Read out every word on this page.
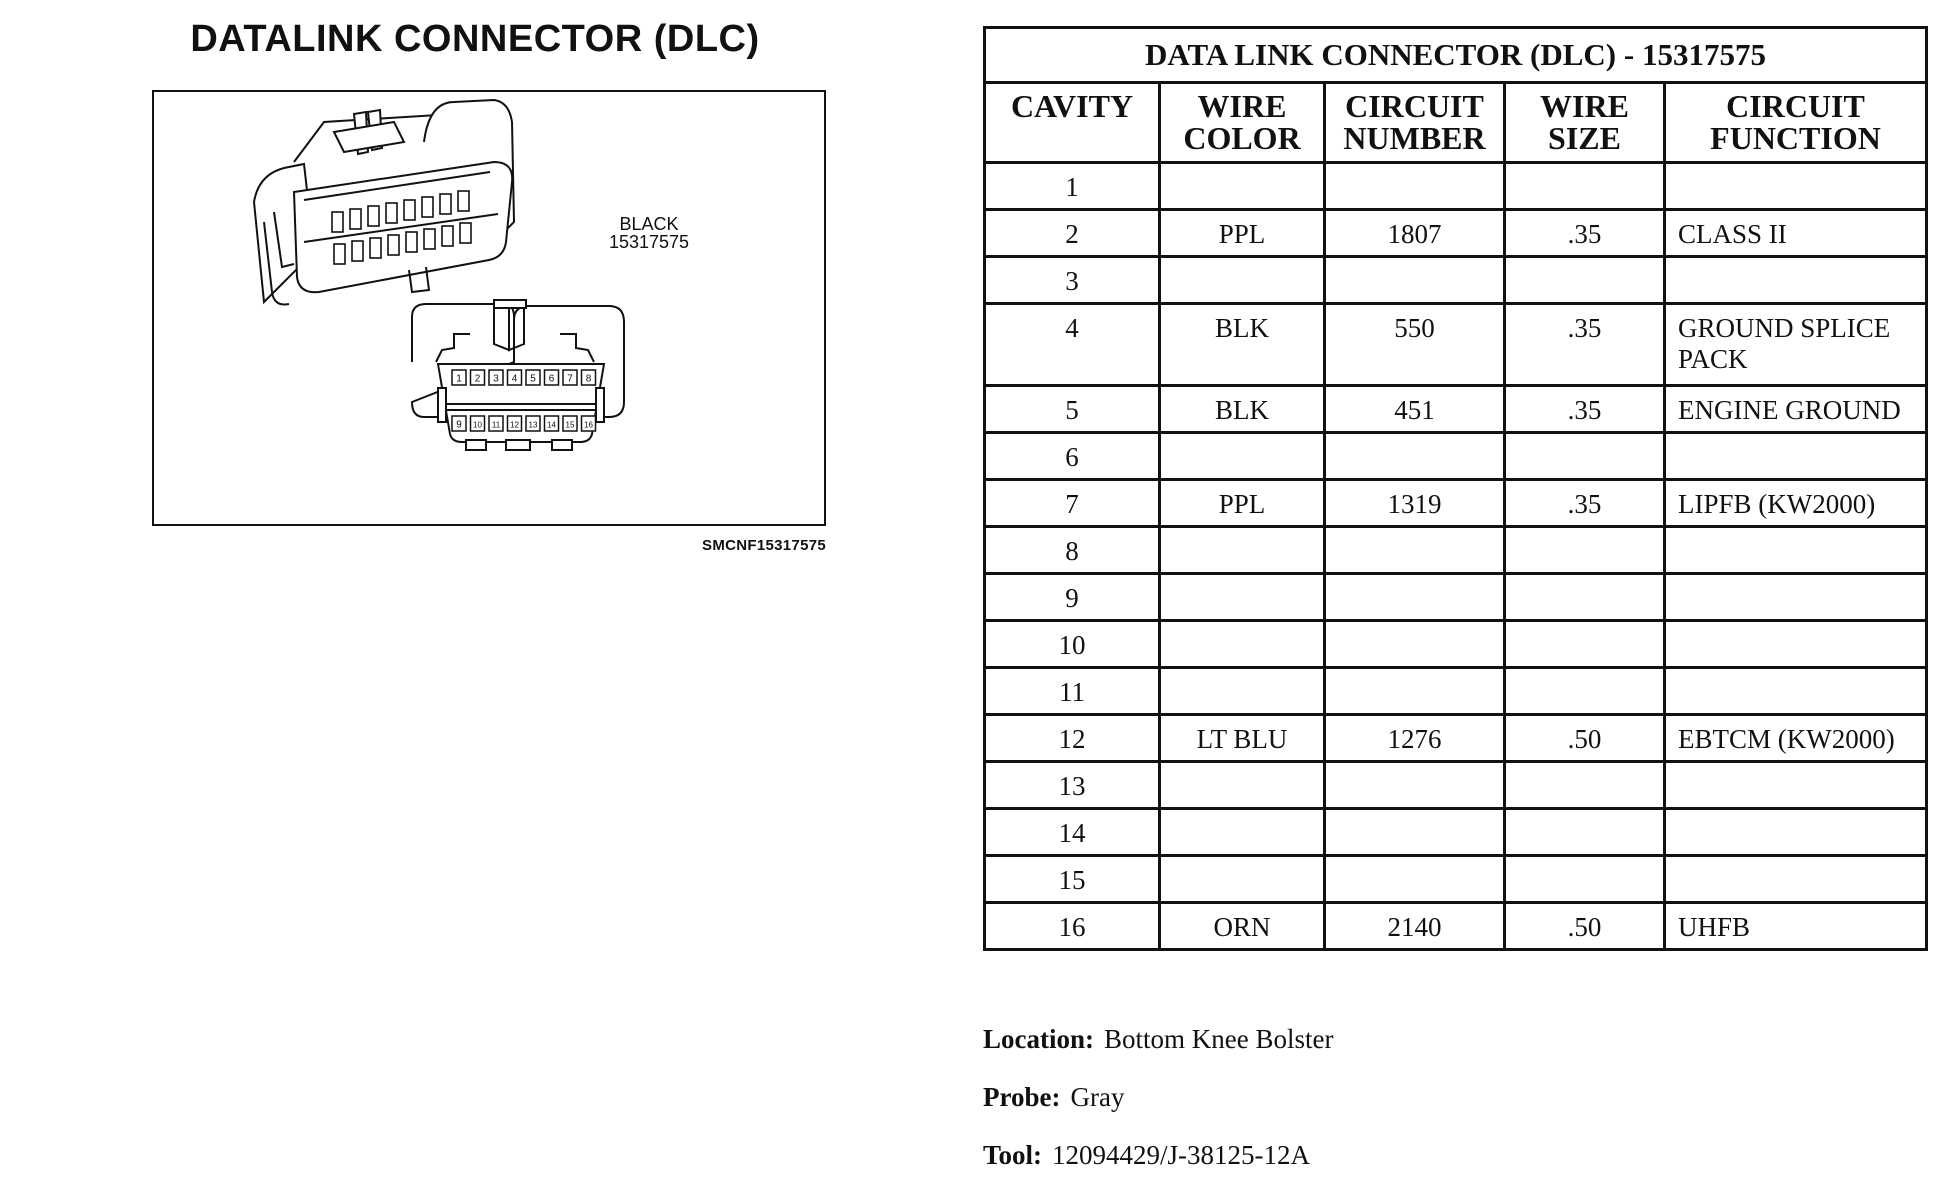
DATALINK CONNECTOR (DLC)
1 2 3 4 5 6 7 8
9 10 11 12 13 14 15 16
BLACK
15317575
SMCNF15317575
DATA LINK CONNECTOR (DLC) - 15317575				
CAVITY	WIRE COLOR	CIRCUIT NUMBER	WIRE SIZE	CIRCUIT FUNCTION
1				
2	PPL	1807	.35	CLASS II
3				
4	BLK	550	.35	GROUND SPLICE PACK
5	BLK	451	.35	ENGINE GROUND
6				
7	PPL	1319	.35	LIPFB (KW2000)
8				
9				
10				
11				
12	LT BLU	1276	.50	EBTCM (KW2000)
13				
14				
15				
16	ORN	2140	.50	UHFB
Location: Bottom Knee Bolster
Probe: Gray
Tool: 12094429/J-38125-12A
